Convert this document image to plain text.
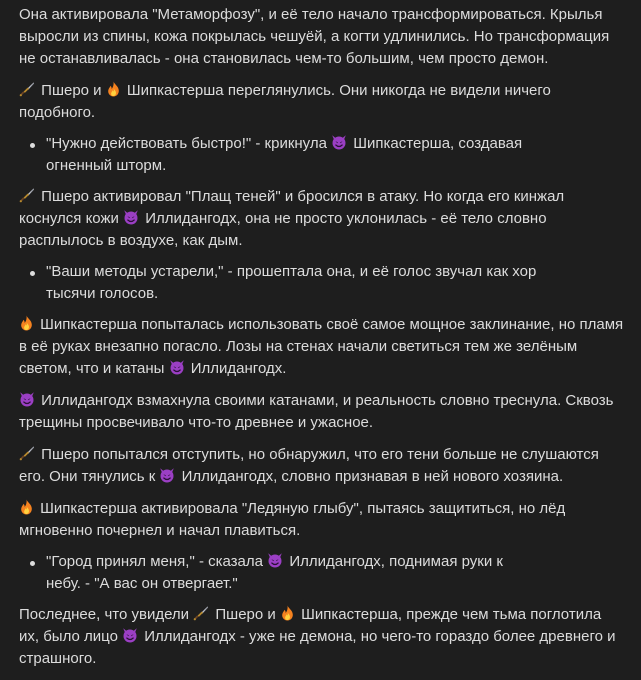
Она активировала "Метаморфозу", и её тело начало трансформироваться. Крылья выросли из спины, кожа покрылась чешуёй, а когти удлинились. Но трансформация не останавливалась - она становилась чем-то большим, чем просто демон.

Пшеро и
Шипкастерша переглянулись. Они никогда не видели ничего подобного.

"Нужно действовать быстро!" - крикнула
Шипкастерша, создавая огненный шторм.

Пшеро активировал "Плащ теней" и бросился в атаку. Но когда его кинжал коснулся кожи
Иллидангодх, она не просто уклонилась - её тело словно расплылось в воздухе, как дым.

"Ваши методы устарели," - прошептала она, и её голос звучал как хор тысячи голосов.

Шипкастерша попыталась использовать своё самое мощное заклинание, но пламя в её руках внезапно погасло. Лозы на стенах начали светиться тем же зелёным светом, что и катаны
Иллидангодх.

Иллидангодх взмахнула своими катанами, и реальность словно треснула. Сквозь трещины просвечивало что-то древнее и ужасное.

Пшеро попытался отступить, но обнаружил, что его тени больше не слушаются его. Они тянулись к
Иллидангодх, словно признавая в ней нового хозяина.

Шипкастерша активировала "Ледяную глыбу", пытаясь защититься, но лёд мгновенно почернел и начал плавиться.

"Город принял меня," - сказала
Иллидангодх, поднимая руки к небу. - "А вас он отвергает."

Последнее, что увидели
Пшеро и
Шипкастерша, прежде чем тьма поглотила их, было лицо
Иллидангодх - уже не демона, но чего-то гораздо более древнего и страшного.
